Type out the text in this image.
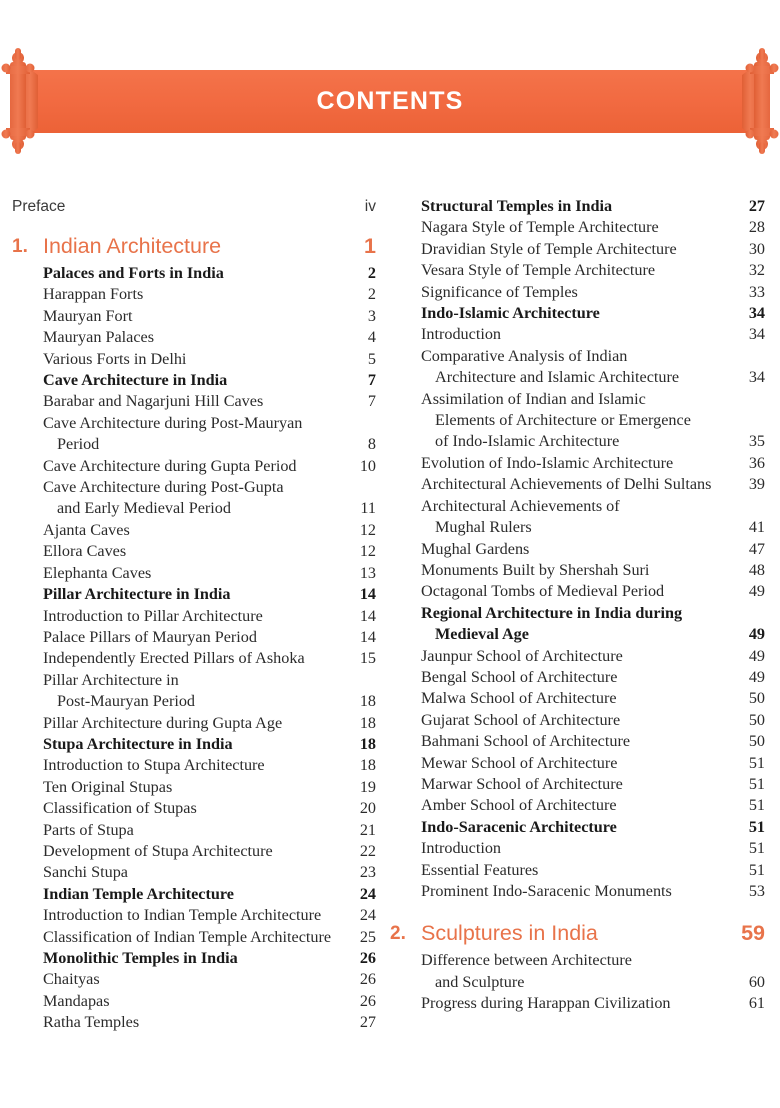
CONTENTS
Preface	iv
1. Indian Architecture	1
Palaces and Forts in India	2
Harappan Forts	2
Mauryan Fort	3
Mauryan Palaces	4
Various Forts in Delhi	5
Cave Architecture in India	7
Barabar and Nagarjuni Hill Caves	7
Cave Architecture during Post-Mauryan
Period	8
Cave Architecture during Gupta Period	10
Cave Architecture during Post-Gupta
and Early Medieval Period	11
Ajanta Caves	12
Ellora Caves	12
Elephanta Caves	13
Pillar Architecture in India	14
Introduction to Pillar Architecture	14
Palace Pillars of Mauryan Period	14
Independently Erected Pillars of Ashoka	15
Pillar Architecture in
Post-Mauryan Period	18
Pillar Architecture during Gupta Age	18
Stupa Architecture in India	18
Introduction to Stupa Architecture	18
Ten Original Stupas	19
Classification of Stupas	20
Parts of Stupa	21
Development of Stupa Architecture	22
Sanchi Stupa	23
Indian Temple Architecture	24
Introduction to Indian Temple Architecture	24
Classification of Indian Temple Architecture	25
Monolithic Temples in India	26
Chaityas	26
Mandapas	26
Ratha Temples	27
Structural Temples in India	27
Nagara Style of Temple Architecture	28
Dravidian Style of Temple Architecture	30
Vesara Style of Temple Architecture	32
Significance of Temples	33
Indo-Islamic Architecture	34
Introduction	34
Comparative Analysis of Indian
Architecture and Islamic Architecture	34
Assimilation of Indian and Islamic
Elements of Architecture or Emergence
of Indo-Islamic Architecture	35
Evolution of Indo-Islamic Architecture	36
Architectural Achievements of Delhi Sultans	39
Architectural Achievements of
Mughal Rulers	41
Mughal Gardens	47
Monuments Built by Shershah Suri	48
Octagonal Tombs of Medieval Period	49
Regional Architecture in India during
Medieval Age	49
Jaunpur School of Architecture	49
Bengal School of Architecture	49
Malwa School of Architecture	50
Gujarat School of Architecture	50
Bahmani School of Architecture	50
Mewar School of Architecture	51
Marwar School of Architecture	51
Amber School of Architecture	51
Indo-Saracenic Architecture	51
Introduction	51
Essential Features	51
Prominent Indo-Saracenic Monuments	53
2. Sculptures in India	59
Difference between Architecture
and Sculpture	60
Progress during Harappan Civilization	61
